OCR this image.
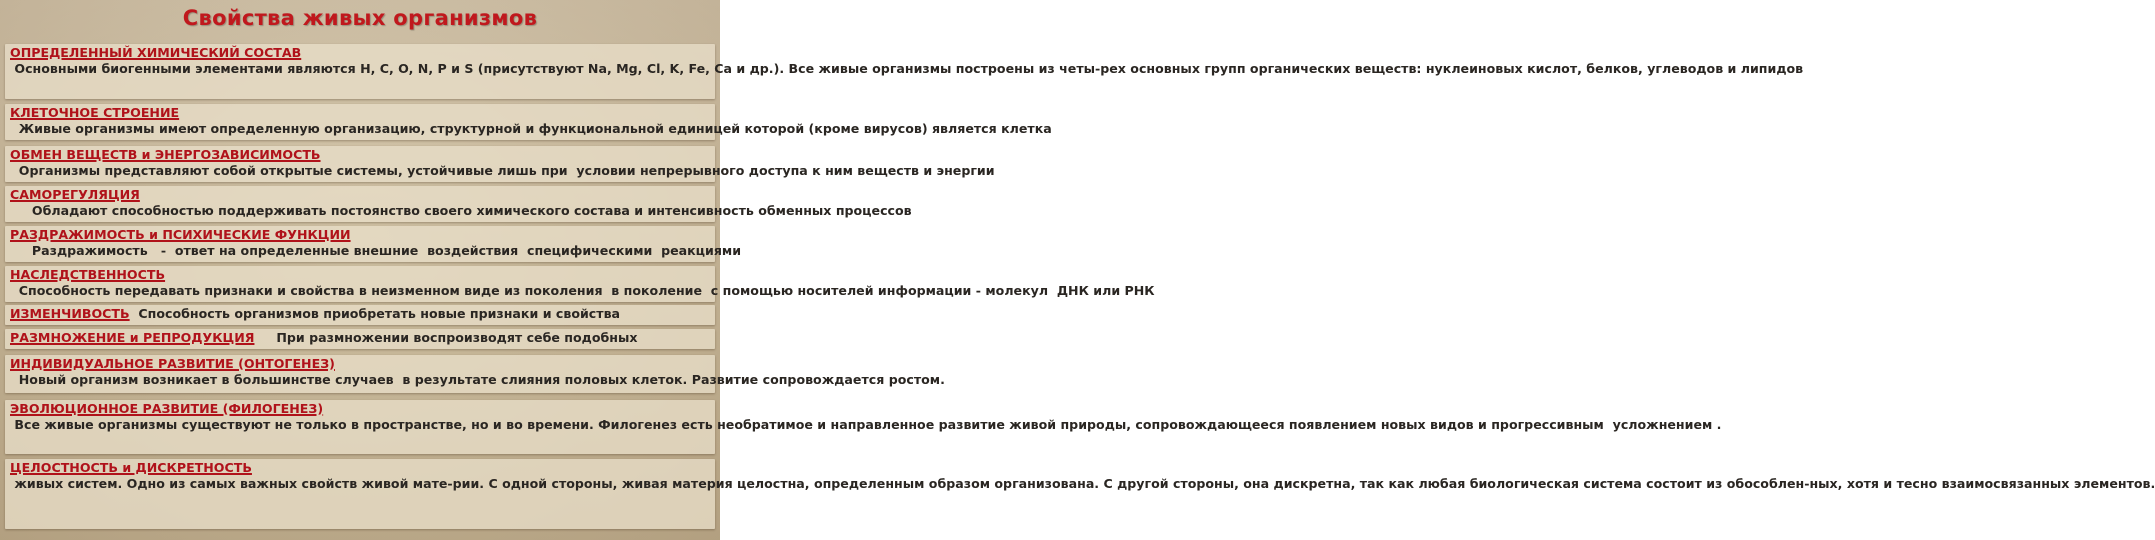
Свойства живых организмов
ОПРЕДЕЛЕННЫЙ ХИМИЧЕСКИЙ СОСТАВ Основными биогенными элементами являются H, C, O, N, P и S (присутствуют Na, Mg, Cl, K, Fe, Ca и др.). Все живые организмы построены из четы-рех основных групп органических веществ: нуклеиновых кислот, белков, углеводов и липидов
КЛЕТОЧНОЕ СТРОЕНИЕ  Живые организмы имеют определенную организацию, структурной и функциональной единицей которой (кроме вирусов) является клетка
ОБМЕН ВЕЩЕСТВ и ЭНЕРГОЗАВИСИМОСТЬ  Организмы представляют собой открытые системы, устойчивые лишь при  условии непрерывного доступа к ним веществ и энергии
САМОРЕГУЛЯЦИЯ     Обладают способностью поддерживать постоянство своего химического состава и интенсивность обменных процессов
РАЗДРАЖИМОСТЬ и ПСИХИЧЕСКИЕ ФУНКЦИИ     Раздражимость   -  ответ на определенные внешние  воздействия  специфическими  реакциями
НАСЛЕДСТВЕННОСТЬ  Способность передавать признаки и свойства в неизменном виде из поколения  в поколение  с помощью носителей информации - молекул  ДНК или РНК
ИЗМЕНЧИВОСТЬ  Способность организмов приобретать новые признаки и свойства
РАЗМНОЖЕНИЕ и РЕПРОДУКЦИЯ     При размножении воспроизводят себе подобных
ИНДИВИДУАЛЬНОЕ РАЗВИТИЕ (ОНТОГЕНЕЗ)  Новый организм возникает в большинстве случаев  в результате слияния половых клеток. Развитие сопровождается ростом.
ЭВОЛЮЦИОННОЕ РАЗВИТИЕ (ФИЛОГЕНЕЗ) Все живые организмы существуют не только в пространстве, но и во времени. Филогенез есть необратимое и направленное развитие живой природы, сопровождающееся появлением новых видов и прогрессивным  усложнением .
ЦЕЛОСТНОСТЬ и ДИСКРЕТНОСТЬ живых систем. Одно из самых важных свойств живой мате-рии. С одной стороны, живая материя целостна, определенным образом организована. С другой стороны, она дискретна, так как любая биологическая система состоит из обособлен-ных, хотя и тесно взаимосвязанных элементов.
